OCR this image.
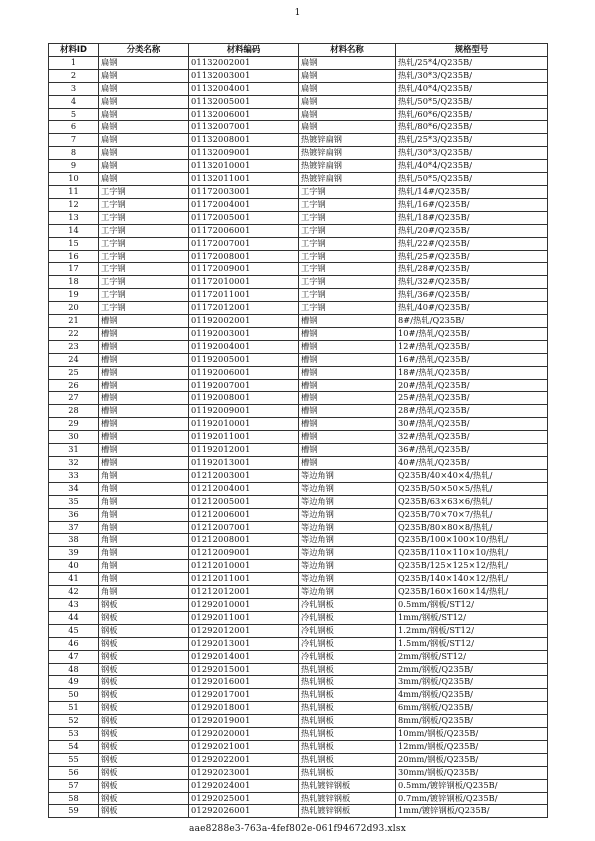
1
材料ID	分类名称	材料编码	材料名称	规格型号
1	扁钢	01132002001	扁钢	热轧/25*4/Q235B/
2	扁钢	01132003001	扁钢	热轧/30*3/Q235B/
3	扁钢	01132004001	扁钢	热轧/40*4/Q235B/
4	扁钢	01132005001	扁钢	热轧/50*5/Q235B/
5	扁钢	01132006001	扁钢	热轧/60*6/Q235B/
6	扁钢	01132007001	扁钢	热轧/80*6/Q235B/
7	扁钢	01132008001	热镀锌扁钢	热轧/25*3/Q235B/
8	扁钢	01132009001	热镀锌扁钢	热轧/30*3/Q235B/
9	扁钢	01132010001	热镀锌扁钢	热轧/40*4/Q235B/
10	扁钢	01132011001	热镀锌扁钢	热轧/50*5/Q235B/
11	工字钢	01172003001	工字钢	热轧/14#/Q235B/
12	工字钢	01172004001	工字钢	热轧/16#/Q235B/
13	工字钢	01172005001	工字钢	热轧/18#/Q235B/
14	工字钢	01172006001	工字钢	热轧/20#/Q235B/
15	工字钢	01172007001	工字钢	热轧/22#/Q235B/
16	工字钢	01172008001	工字钢	热轧/25#/Q235B/
17	工字钢	01172009001	工字钢	热轧/28#/Q235B/
18	工字钢	01172010001	工字钢	热轧/32#/Q235B/
19	工字钢	01172011001	工字钢	热轧/36#/Q235B/
20	工字钢	01172012001	工字钢	热轧/40#/Q235B/
21	槽钢	01192002001	槽钢	8#/热轧/Q235B/
22	槽钢	01192003001	槽钢	10#/热轧/Q235B/
23	槽钢	01192004001	槽钢	12#/热轧/Q235B/
24	槽钢	01192005001	槽钢	16#/热轧/Q235B/
25	槽钢	01192006001	槽钢	18#/热轧/Q235B/
26	槽钢	01192007001	槽钢	20#/热轧/Q235B/
27	槽钢	01192008001	槽钢	25#/热轧/Q235B/
28	槽钢	01192009001	槽钢	28#/热轧/Q235B/
29	槽钢	01192010001	槽钢	30#/热轧/Q235B/
30	槽钢	01192011001	槽钢	32#/热轧/Q235B/
31	槽钢	01192012001	槽钢	36#/热轧/Q235B/
32	槽钢	01192013001	槽钢	40#/热轧/Q235B/
33	角钢	01212003001	等边角钢	Q235B/40×40×4/热轧/
34	角钢	01212004001	等边角钢	Q235B/50×50×5/热轧/
35	角钢	01212005001	等边角钢	Q235B/63×63×6/热轧/
36	角钢	01212006001	等边角钢	Q235B/70×70×7/热轧/
37	角钢	01212007001	等边角钢	Q235B/80×80×8/热轧/
38	角钢	01212008001	等边角钢	Q235B/100×100×10/热轧/
39	角钢	01212009001	等边角钢	Q235B/110×110×10/热轧/
40	角钢	01212010001	等边角钢	Q235B/125×125×12/热轧/
41	角钢	01212011001	等边角钢	Q235B/140×140×12/热轧/
42	角钢	01212012001	等边角钢	Q235B/160×160×14/热轧/
43	钢板	01292010001	冷轧钢板	0.5mm/钢板/ST12/
44	钢板	01292011001	冷轧钢板	1mm/钢板/ST12/
45	钢板	01292012001	冷轧钢板	1.2mm/钢板/ST12/
46	钢板	01292013001	冷轧钢板	1.5mm/钢板/ST12/
47	钢板	01292014001	冷轧钢板	2mm/钢板/ST12/
48	钢板	01292015001	热轧钢板	2mm/钢板/Q235B/
49	钢板	01292016001	热轧钢板	3mm/钢板/Q235B/
50	钢板	01292017001	热轧钢板	4mm/钢板/Q235B/
51	钢板	01292018001	热轧钢板	6mm/钢板/Q235B/
52	钢板	01292019001	热轧钢板	8mm/钢板/Q235B/
53	钢板	01292020001	热轧钢板	10mm/钢板/Q235B/
54	钢板	01292021001	热轧钢板	12mm/钢板/Q235B/
55	钢板	01292022001	热轧钢板	20mm/钢板/Q235B/
56	钢板	01292023001	热轧钢板	30mm/钢板/Q235B/
57	钢板	01292024001	热轧镀锌钢板	0.5mm/镀锌钢板/Q235B/
58	钢板	01292025001	热轧镀锌钢板	0.7mm/镀锌钢板/Q235B/
59	钢板	01292026001	热轧镀锌钢板	1mm/镀锌钢板/Q235B/
aae8288e3-763a-4fef802e-061f94672d93.xlsx
